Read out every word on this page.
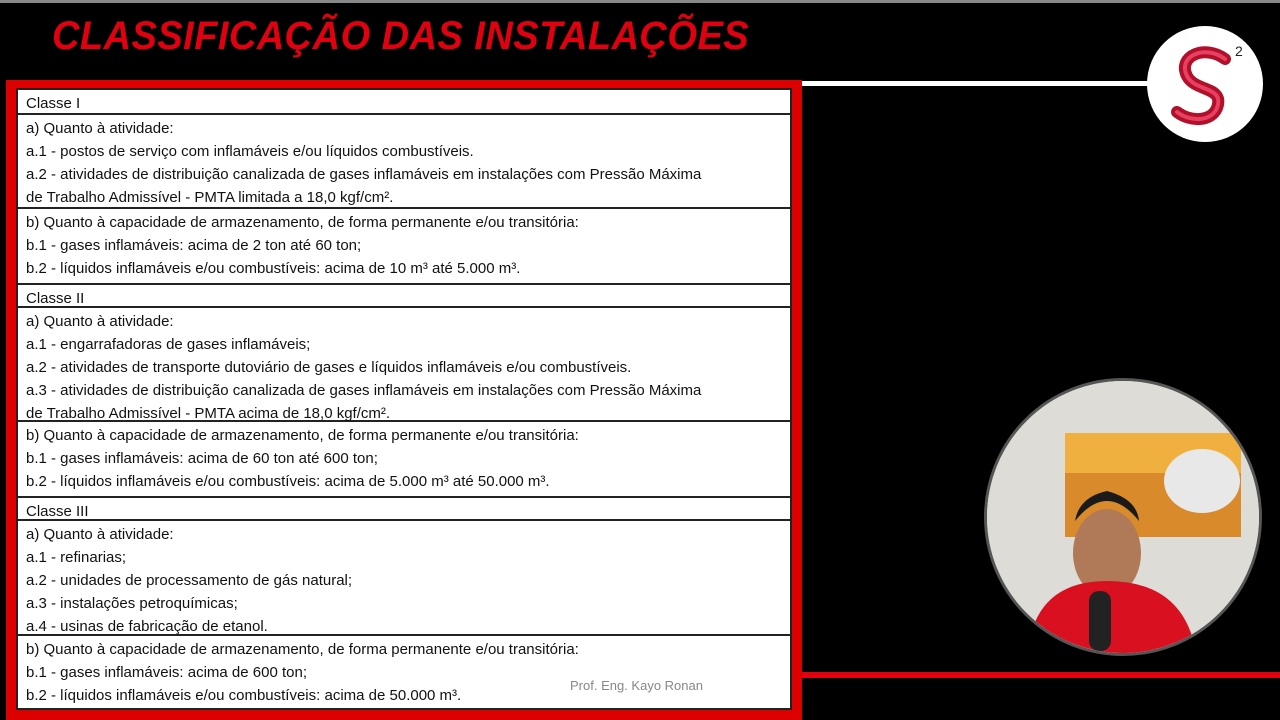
CLASSIFICAÇÃO DAS INSTALAÇÕES	2
Classe I
a) Quanto à atividade:
a.1 - postos de serviço com inflamáveis e/ou líquidos combustíveis.
a.2 - atividades de distribuição canalizada de gases inflamáveis em instalações com Pressão Máxima
de Trabalho Admissível - PMTA limitada a 18,0 kgf/cm².
b) Quanto à capacidade de armazenamento, de forma permanente e/ou transitória:
b.1 - gases inflamáveis: acima de 2 ton até 60 ton;
b.2 - líquidos inflamáveis e/ou combustíveis: acima de 10 m³ até 5.000 m³.
Classe II
a) Quanto à atividade:
a.1 - engarrafadoras de gases inflamáveis;
a.2 - atividades de transporte dutoviário de gases e líquidos inflamáveis e/ou combustíveis.
a.3 - atividades de distribuição canalizada de gases inflamáveis em instalações com Pressão Máxima
de Trabalho Admissível - PMTA acima de 18,0 kgf/cm².
b) Quanto à capacidade de armazenamento, de forma permanente e/ou transitória:
b.1 - gases inflamáveis: acima de 60 ton até 600 ton;
b.2 - líquidos inflamáveis e/ou combustíveis: acima de 5.000 m³ até 50.000 m³.
Classe III
a) Quanto à atividade:
a.1 - refinarias;
a.2 - unidades de processamento de gás natural;
a.3 - instalações petroquímicas;
a.4 - usinas de fabricação de etanol.
b) Quanto à capacidade de armazenamento, de forma permanente e/ou transitória:
b.1 - gases inflamáveis: acima de 600 ton;
b.2 - líquidos inflamáveis e/ou combustíveis: acima de 50.000 m³.
Prof. Eng. Kayo Ronan
